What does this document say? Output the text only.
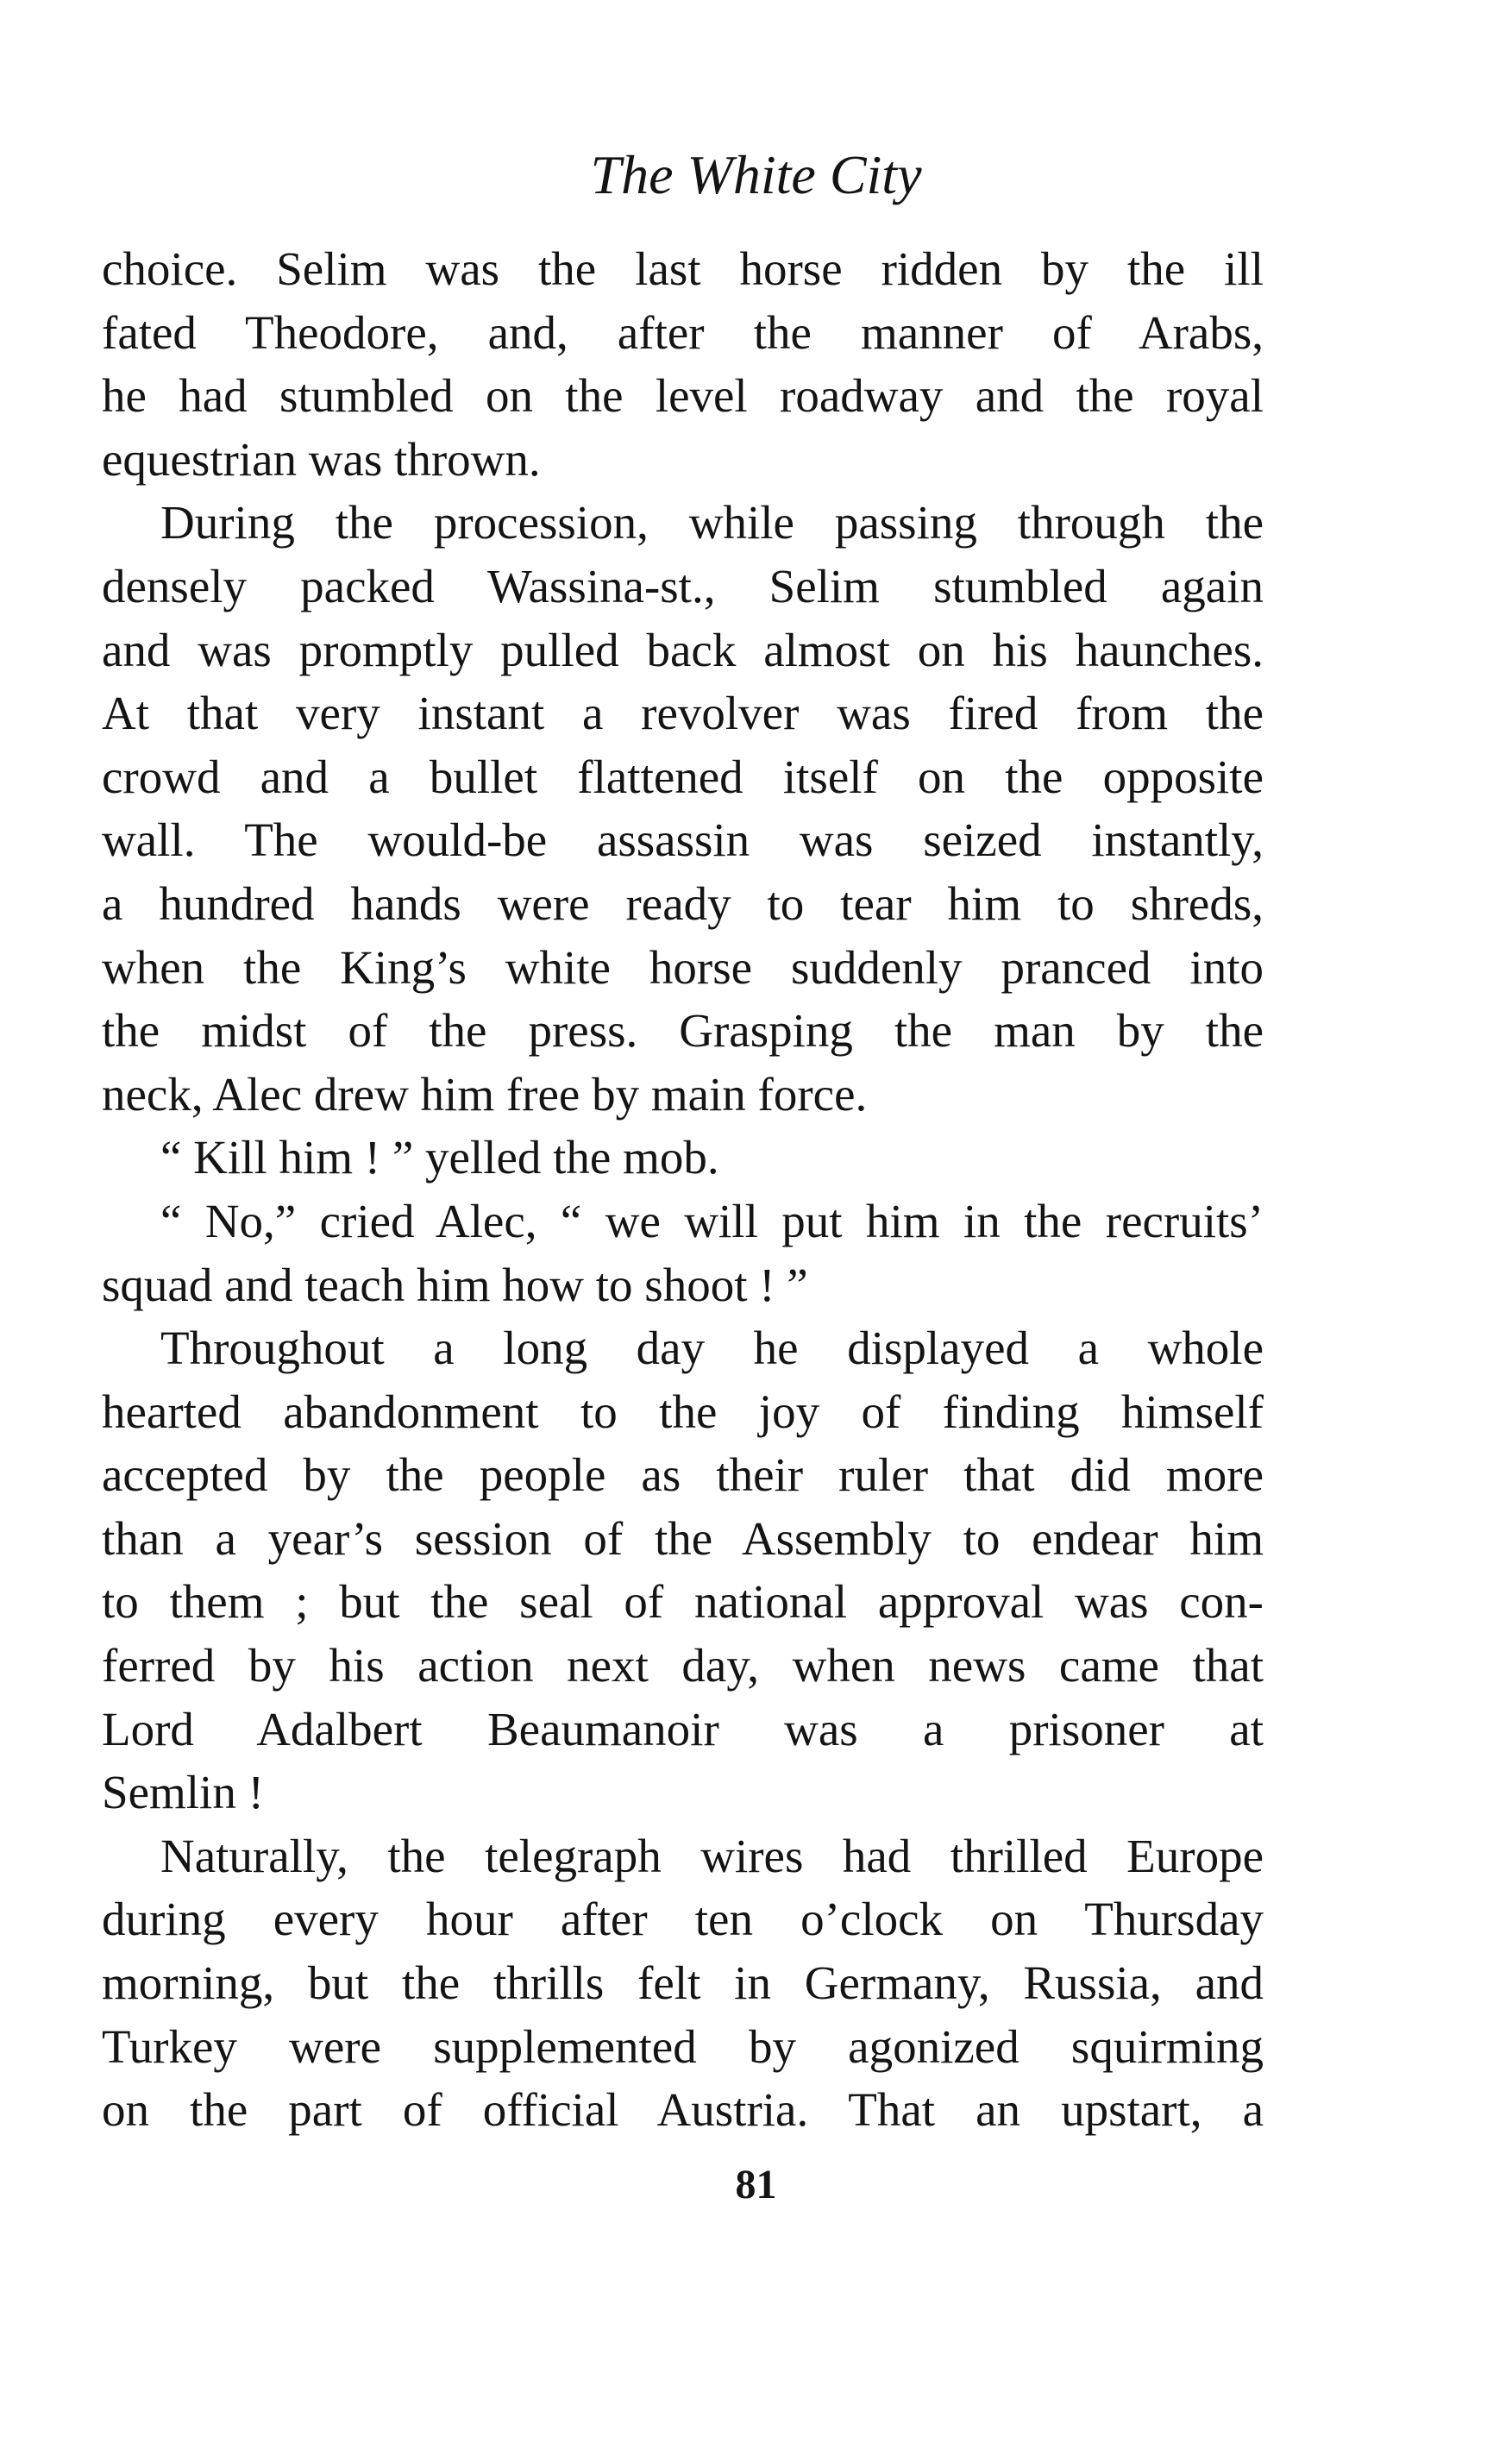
The White City
choice. Selim was the last horse ridden by the ill
fated Theodore, and, after the manner of Arabs,
he had stumbled on the level roadway and the royal
equestrian was thrown.
During the procession, while passing through the
densely packed Wassina-st., Selim stumbled again
and was promptly pulled back almost on his haunches.
At that very instant a revolver was fired from the
crowd and a bullet flattened itself on the opposite
wall. The would-be assassin was seized instantly,
a hundred hands were ready to tear him to shreds,
when the King’s white horse suddenly pranced into
the midst of the press. Grasping the man by the
neck, Alec drew him free by main force.
“ Kill him ! ” yelled the mob.
“ No,” cried Alec, “ we will put him in the recruits’
squad and teach him how to shoot ! ”
Throughout a long day he displayed a whole
hearted abandonment to the joy of finding himself
accepted by the people as their ruler that did more
than a year’s session of the Assembly to endear him
to them ; but the seal of national approval was con-
ferred by his action next day, when news came that
Lord Adalbert Beaumanoir was a prisoner at
Semlin !
Naturally, the telegraph wires had thrilled Europe
during every hour after ten o’clock on Thursday
morning, but the thrills felt in Germany, Russia, and
Turkey were supplemented by agonized squirming
on the part of official Austria. That an upstart, a
81
